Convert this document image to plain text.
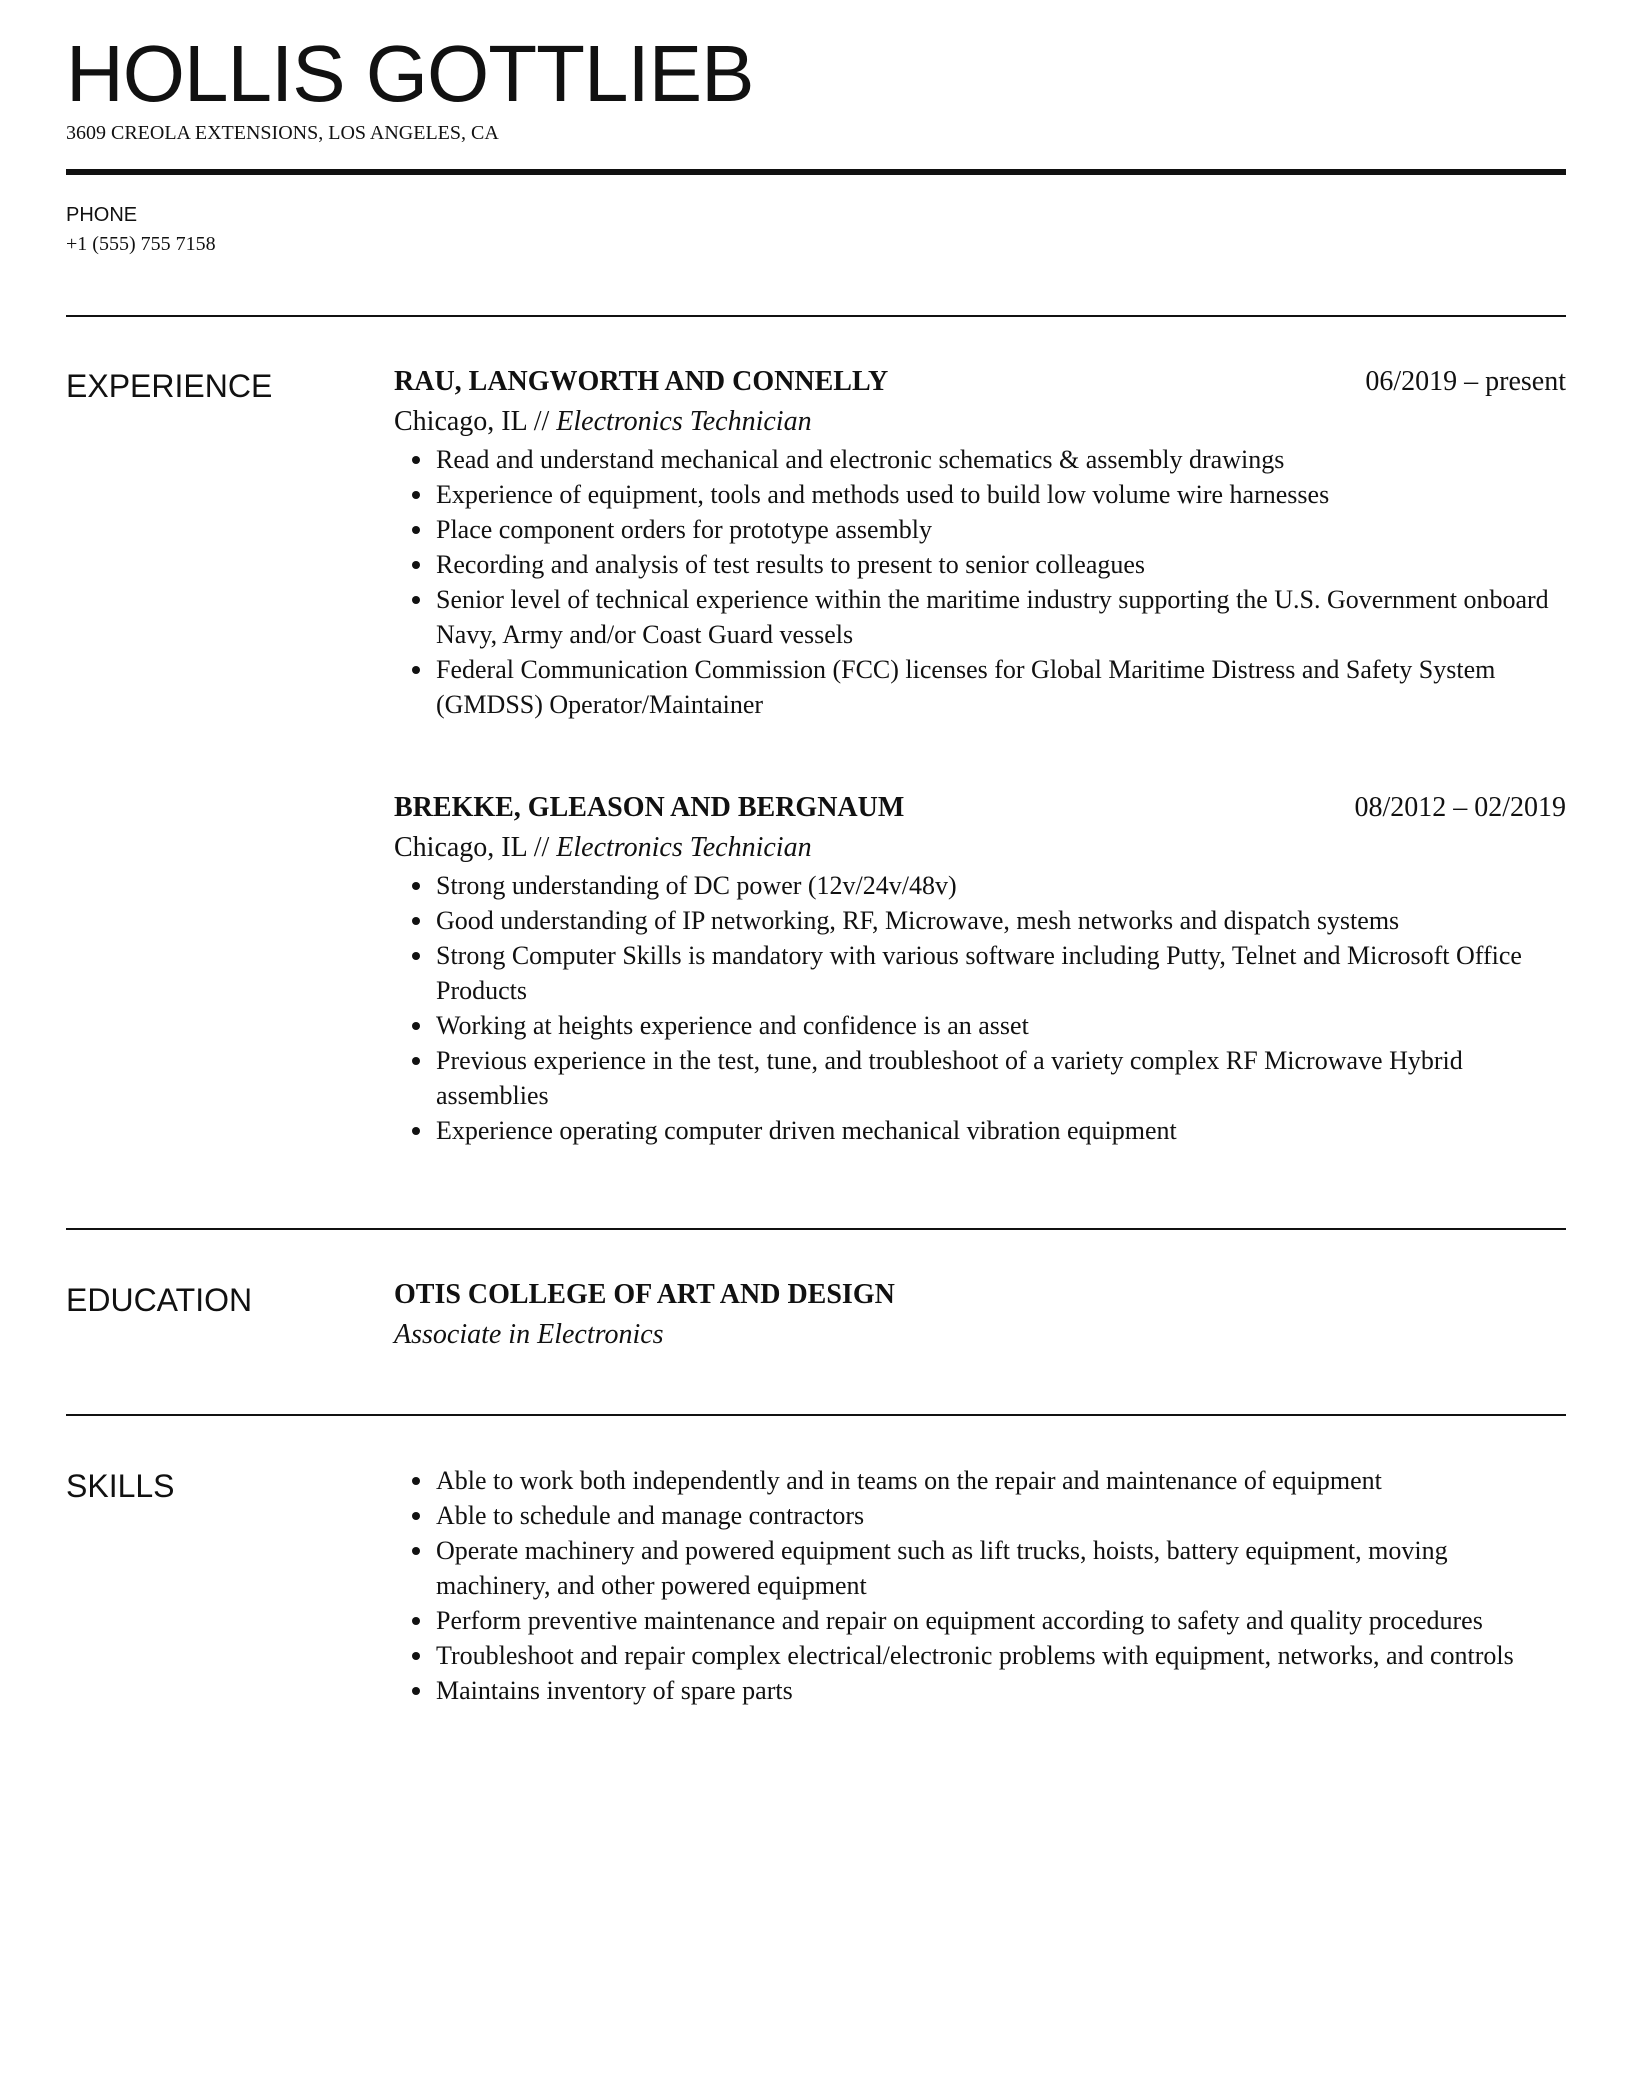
HOLLIS GOTTLIEB
3609 CREOLA EXTENSIONS, LOS ANGELES, CA
PHONE
+1 (555) 755 7158
EXPERIENCE	RAU, LANGWORTH AND CONNELLY	06/2019 – present
Chicago, IL // Electronics Technician
Read and understand mechanical and electronic schematics & assembly drawings
Experience of equipment, tools and methods used to build low volume wire harnesses
Place component orders for prototype assembly
Recording and analysis of test results to present to senior colleagues
Senior level of technical experience within the maritime industry supporting the U.S. Government onboard Navy, Army and/or Coast Guard vessels
Federal Communication Commission (FCC) licenses for Global Maritime Distress and Safety System (GMDSS) Operator/Maintainer
BREKKE, GLEASON AND BERGNAUM	08/2012 – 02/2019
Chicago, IL // Electronics Technician
Strong understanding of DC power (12v/24v/48v)
Good understanding of IP networking, RF, Microwave, mesh networks and dispatch systems
Strong Computer Skills is mandatory with various software including Putty, Telnet and Microsoft Office Products
Working at heights experience and confidence is an asset
Previous experience in the test, tune, and troubleshoot of a variety complex RF Microwave Hybrid assemblies
Experience operating computer driven mechanical vibration equipment
EDUCATION	OTIS COLLEGE OF ART AND DESIGN
Associate in Electronics
SKILLS	Able to work both independently and in teams on the repair and maintenance of equipment
Able to schedule and manage contractors
Operate machinery and powered equipment such as lift trucks, hoists, battery equipment, moving machinery, and other powered equipment
Perform preventive maintenance and repair on equipment according to safety and quality procedures
Troubleshoot and repair complex electrical/electronic problems with equipment, networks, and controls
Maintains inventory of spare parts
